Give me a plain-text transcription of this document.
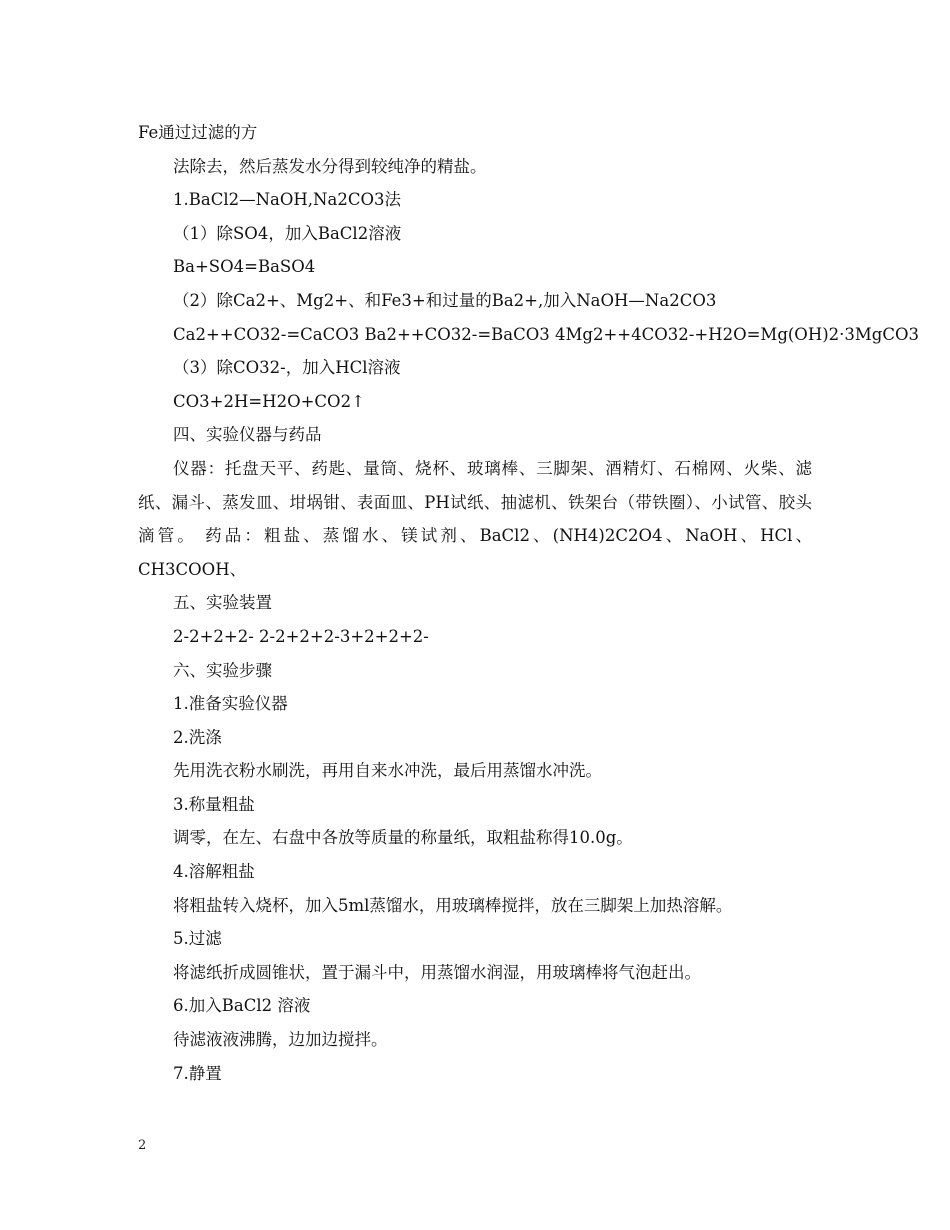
Fe通过过滤的方

法除去，然后蒸发水分得到较纯净的精盐。

1.BaCl2—NaOH,Na2CO3法

（1）除SO4，加入BaCl2溶液

Ba+SO4=BaSO4

（2）除Ca2+、Mg2+、和Fe3+和过量的Ba2+,加入NaOH—Na2CO3

Ca2++CO32-=CaCO3 Ba2++CO32-=BaCO3 4Mg2++4CO32-+H2O=Mg(OH)2·3MgCO3

（3）除CO32-，加入HCl溶液

CO3+2H=H2O+CO2↑

四、实验仪器与药品

仪器：托盘天平、药匙、量筒、烧杯、玻璃棒、三脚架、酒精灯、石棉网、火柴、滤纸、漏斗、蒸发皿、坩埚钳、表面皿、PH试纸、抽滤机、铁架台（带铁圈）、小试管、胶头滴管。 药品：粗盐、蒸馏水、镁试剂、BaCl2、(NH4)2C2O4、NaOH、HCl、CH3COOH、

五、实验装置

2-2+2+2- 2-2+2+2-3+2+2+2-

六、实验步骤

1.准备实验仪器

2.洗涤

先用洗衣粉水刷洗，再用自来水冲洗，最后用蒸馏水冲洗。

3.称量粗盐

调零，在左、右盘中各放等质量的称量纸，取粗盐称得10.0g。

4.溶解粗盐

将粗盐转入烧杯，加入5ml蒸馏水，用玻璃棒搅拌，放在三脚架上加热溶解。

5.过滤

将滤纸折成圆锥状，置于漏斗中，用蒸馏水润湿，用玻璃棒将气泡赶出。

6.加入BaCl2 溶液

待滤液液沸腾，边加边搅拌。

7.静置

2
